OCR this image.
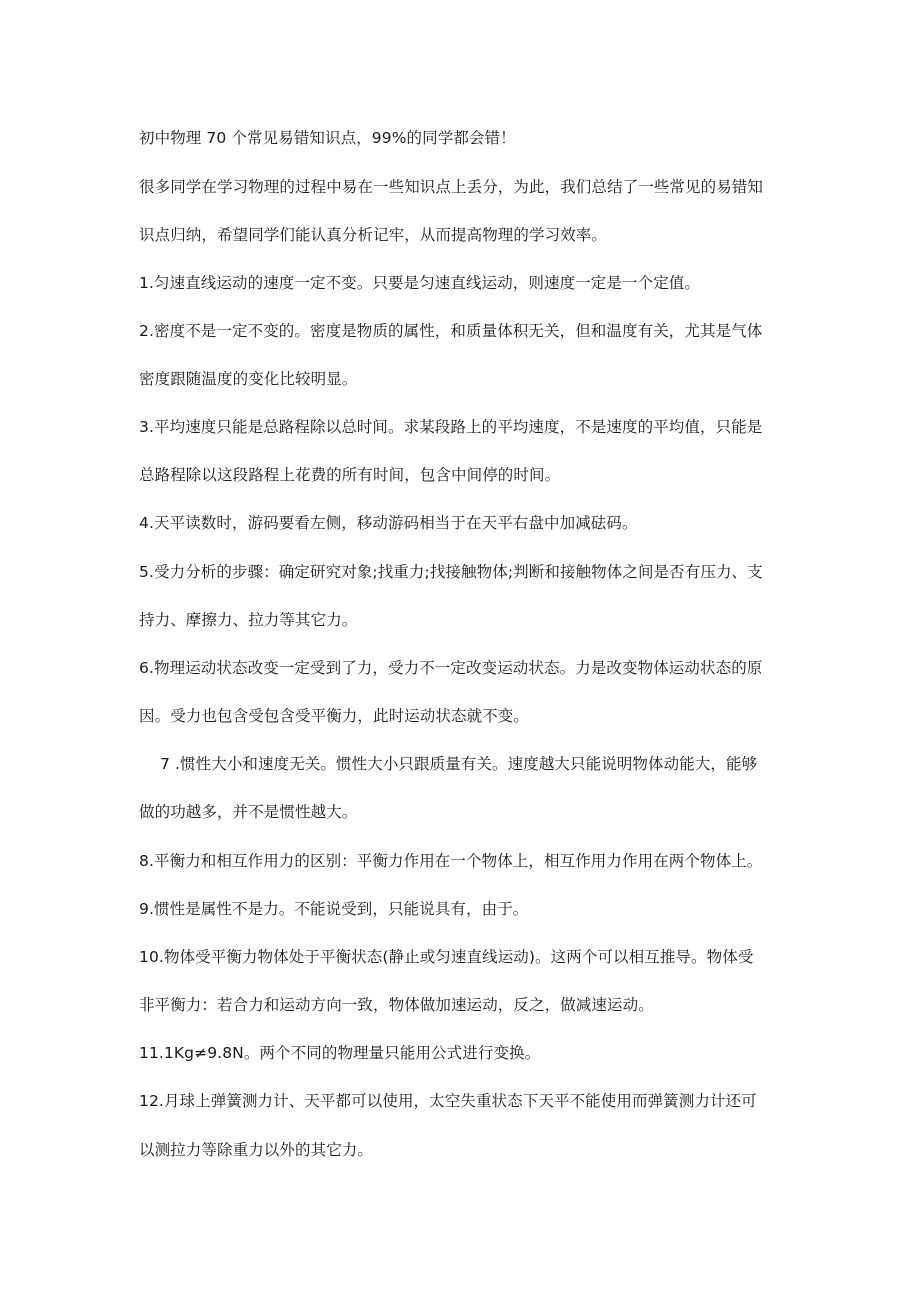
初中物理 70 个常见易错知识点，99%的同学都会错！
很多同学在学习物理的过程中易在一些知识点上丢分，为此，我们总结了一些常见的易错知
识点归纳，希望同学们能认真分析记牢，从而提高物理的学习效率。
1.匀速直线运动的速度一定不变。只要是匀速直线运动，则速度一定是一个定值。
2.密度不是一定不变的。密度是物质的属性，和质量体积无关，但和温度有关，尤其是气体
密度跟随温度的变化比较明显。
3.平均速度只能是总路程除以总时间。求某段路上的平均速度，不是速度的平均值，只能是
总路程除以这段路程上花费的所有时间，包含中间停的时间。
4.天平读数时，游码要看左侧，移动游码相当于在天平右盘中加减砝码。
5.受力分析的步骤：确定研究对象;找重力;找接触物体;判断和接触物体之间是否有压力、支
持力、摩擦力、拉力等其它力。
6.物理运动状态改变一定受到了力，受力不一定改变运动状态。力是改变物体运动状态的原
因。受力也包含受包含受平衡力，此时运动状态就不变。
7 .惯性大小和速度无关。惯性大小只跟质量有关。速度越大只能说明物体动能大，能够
做的功越多，并不是惯性越大。
8.平衡力和相互作用力的区别：平衡力作用在一个物体上，相互作用力作用在两个物体上。
9.惯性是属性不是力。不能说受到，只能说具有，由于。
10.物体受平衡力物体处于平衡状态(静止或匀速直线运动)。这两个可以相互推导。物体受
非平衡力：若合力和运动方向一致，物体做加速运动，反之，做减速运动。
11.1Kg≠9.8N。两个不同的物理量只能用公式进行变换。
12.月球上弹簧测力计、天平都可以使用，太空失重状态下天平不能使用而弹簧测力计还可
以测拉力等除重力以外的其它力。
